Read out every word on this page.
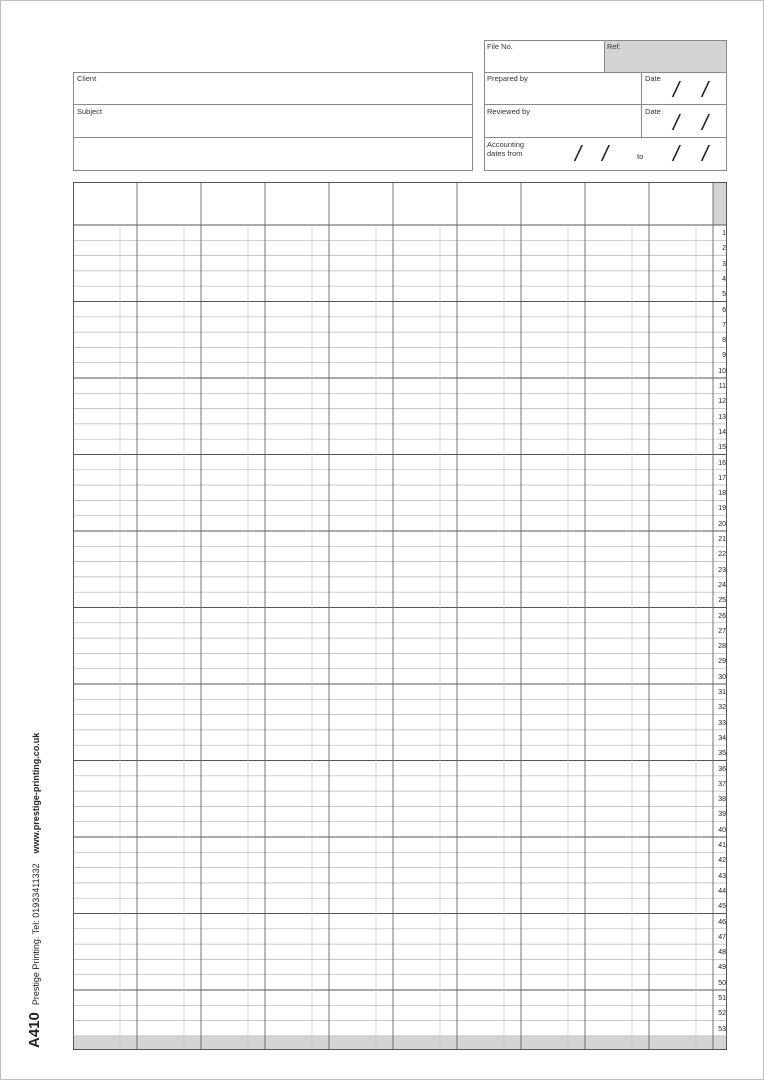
File No.	Ref:
Client
Subject
Prepared by	Date / /
Reviewed by	Date / /
Accounting
dates from / /	to / /
1
2
3
4
5
6
7
8
9
10
11
12
13
14
15
16
17
18
19
20
21
22
23
24
25
26
27
28
29
30
31
32
33
34
35
36
37
38
39
40
41
42
43
44
45
46
47
48
49
50
51
52
53
A410Prestige Printing. Tel: 01933411332www.prestige-printing.co.uk
